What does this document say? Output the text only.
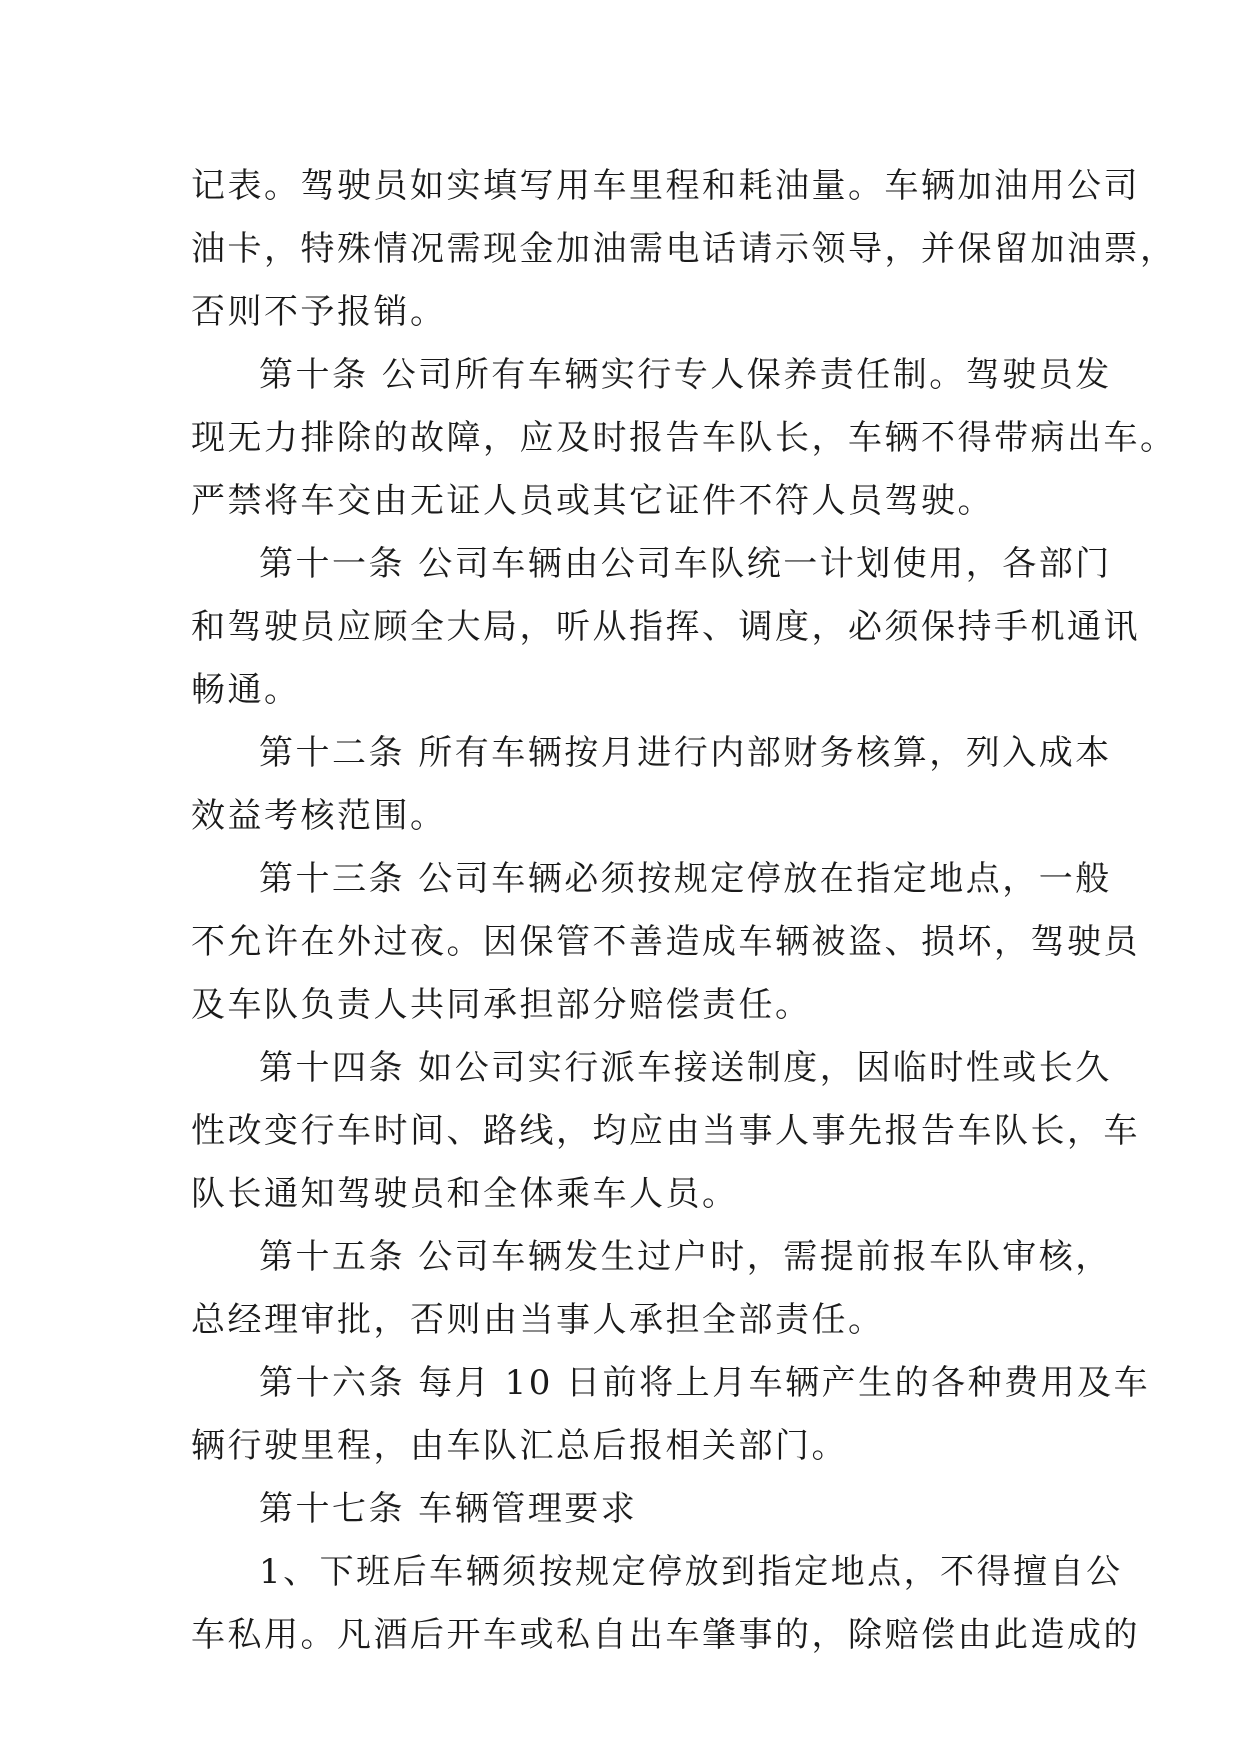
记表。驾驶员如实填写用车里程和耗油量。车辆加油用公司
油卡，特殊情况需现金加油需电话请示领导，并保留加油票，
否则不予报销。
第十条 公司所有车辆实行专人保养责任制。驾驶员发
现无力排除的故障，应及时报告车队长，车辆不得带病出车。
严禁将车交由无证人员或其它证件不符人员驾驶。
第十一条 公司车辆由公司车队统一计划使用，各部门
和驾驶员应顾全大局，听从指挥、调度，必须保持手机通讯
畅通。
第十二条 所有车辆按月进行内部财务核算，列入成本
效益考核范围。
第十三条 公司车辆必须按规定停放在指定地点，一般
不允许在外过夜。因保管不善造成车辆被盗、损坏，驾驶员
及车队负责人共同承担部分赔偿责任。
第十四条 如公司实行派车接送制度，因临时性或长久
性改变行车时间、路线，均应由当事人事先报告车队长，车
队长通知驾驶员和全体乘车人员。
第十五条 公司车辆发生过户时，需提前报车队审核，
总经理审批，否则由当事人承担全部责任。
第十六条 每月 10 日前将上月车辆产生的各种费用及车
辆行驶里程，由车队汇总后报相关部门。
第十七条 车辆管理要求
1、下班后车辆须按规定停放到指定地点，不得擅自公
车私用。凡酒后开车或私自出车肇事的，除赔偿由此造成的
